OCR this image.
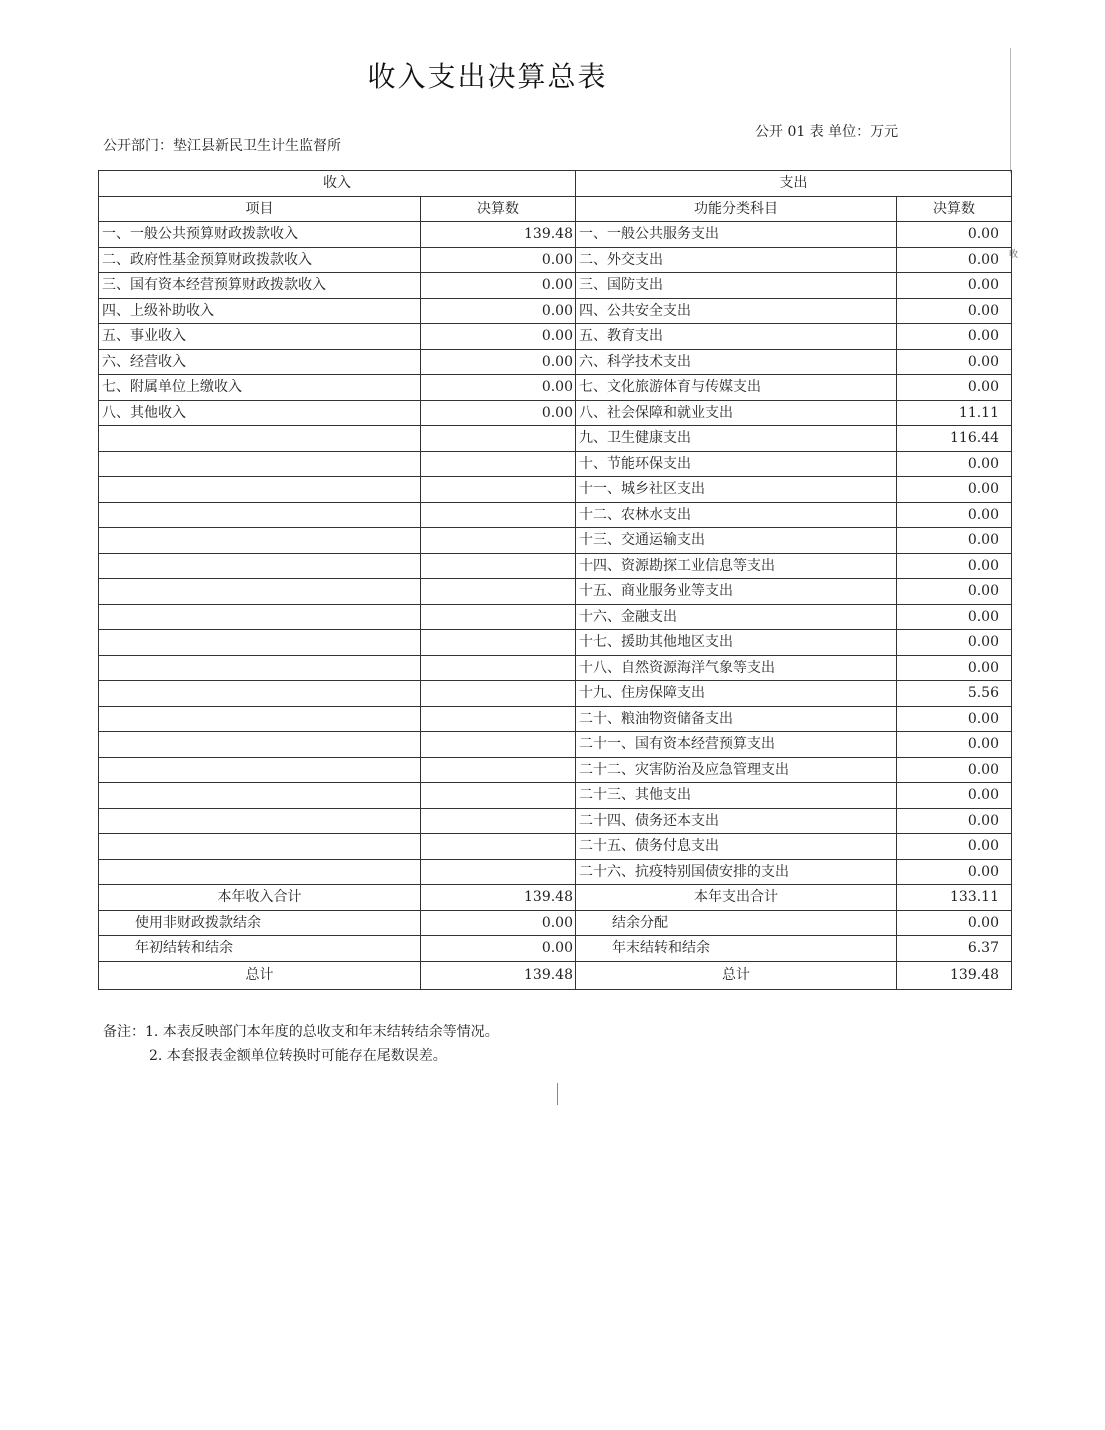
收入支出决算总表
公开 01 表 单位：万元
公开部门：垫江县新民卫生计生监督所
收
收入		支出	
项目	决算数	功能分类科目	决算数
一、一般公共预算财政拨款收入	139.48	一、一般公共服务支出	0.00
二、政府性基金预算财政拨款收入	0.00	二、外交支出	0.00
三、国有资本经营预算财政拨款收入	0.00	三、国防支出	0.00
四、上级补助收入	0.00	四、公共安全支出	0.00
五、事业收入	0.00	五、教育支出	0.00
六、经营收入	0.00	六、科学技术支出	0.00
七、附属单位上缴收入	0.00	七、文化旅游体育与传媒支出	0.00
八、其他收入	0.00	八、社会保障和就业支出	11.11
		九、卫生健康支出	116.44
		十、节能环保支出	0.00
		十一、城乡社区支出	0.00
		十二、农林水支出	0.00
		十三、交通运输支出	0.00
		十四、资源勘探工业信息等支出	0.00
		十五、商业服务业等支出	0.00
		十六、金融支出	0.00
		十七、援助其他地区支出	0.00
		十八、自然资源海洋气象等支出	0.00
		十九、住房保障支出	5.56
		二十、粮油物资储备支出	0.00
		二十一、国有资本经营预算支出	0.00
		二十二、灾害防治及应急管理支出	0.00
		二十三、其他支出	0.00
		二十四、债务还本支出	0.00
		二十五、债务付息支出	0.00
		二十六、抗疫特别国债安排的支出	0.00
本年收入合计	139.48	本年支出合计	133.11
使用非财政拨款结余	0.00	结余分配	0.00
年初结转和结余	0.00	年末结转和结余	6.37
总计	139.48	总计	139.48
备注：1. 本表反映部门本年度的总收支和年末结转结余等情况。
2. 本套报表金额单位转换时可能存在尾数误差。
